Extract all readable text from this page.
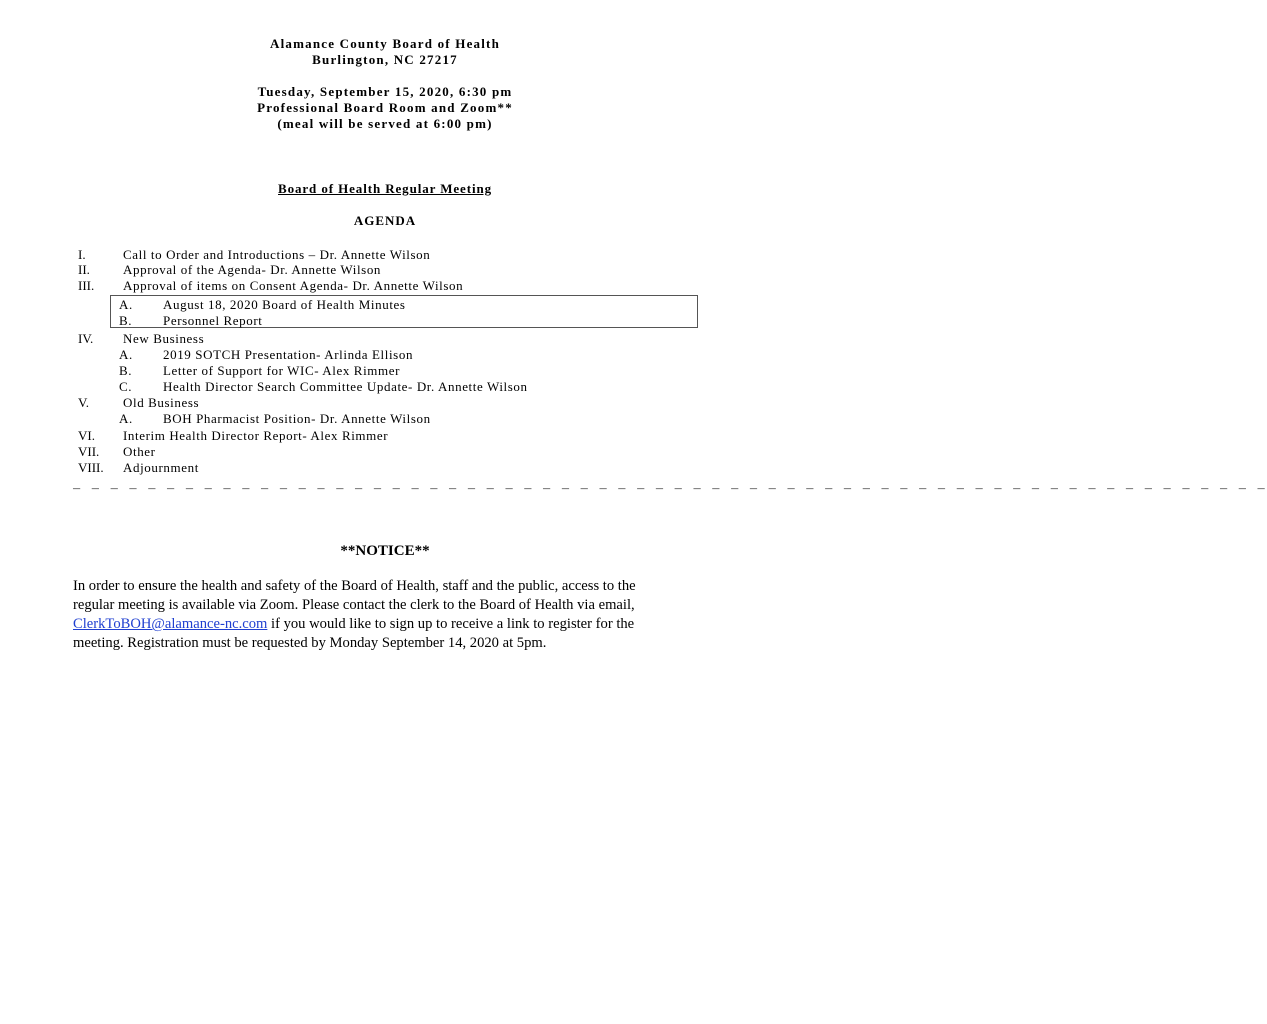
Alamance County Board of Health
Burlington, NC 27217
Tuesday, September 15, 2020, 6:30 pm
Professional Board Room and Zoom**
(meal will be served at 6:00 pm)
Board of Health Regular Meeting
AGENDA
I.	Call to Order and Introductions – Dr. Annette Wilson
II.	Approval of the Agenda- Dr. Annette Wilson
III. Approval of items on Consent Agenda- Dr. Annette Wilson
A. August 18, 2020 Board of Health Minutes
B. Personnel Report
IV. New Business
A. 2019 SOTCH Presentation- Arlinda Ellison
B. Letter of Support for WIC- Alex Rimmer
C. Health Director Search Committee Update- Dr. Annette Wilson
V.	Old Business
A. BOH Pharmacist Position- Dr. Annette Wilson
VI. Interim Health Director Report- Alex Rimmer
VII. Other
VIII. Adjournment
_ _ _ _ _ _ _ _ _ _ _ _ _ _ _ _ _ _ _ _ _ _ _ _ _ _ _ _ _ _ _ _ _ _ _ _ _ _ _ _ _ _ _ _ _ _ _ _ _ _ _ _ _ _ _ _ _ _ _ _ _ _ _ _
**NOTICE**
In order to ensure the health and safety of the Board of Health, staff and the public, access to the regular meeting is available via Zoom. Please contact the clerk to the Board of Health via email, ClerkToBOH@alamance-nc.com if you would like to sign up to receive a link to register for the meeting. Registration must be requested by Monday September 14, 2020 at 5pm.
